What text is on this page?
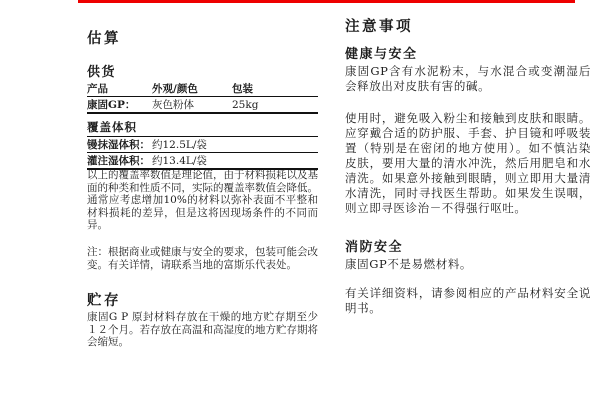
估算
供货
产品	外观/颜色	包装
康固GP：	灰色粉体	25kg
覆盖体积
镘抹湿体积： 约12.5L/袋
灌注湿体积： 约13.4L/袋
以上的覆盖率数值是理论值，由于材料损耗以及基面的种类和性质不同，实际的覆盖率数值会降低。通常应考虑增加10%的材料以弥补表面不平整和材料损耗的差异，但是这将因现场条件的不同而异。
注：根据商业或健康与安全的要求，包装可能会改变。有关详情，请联系当地的富斯乐代表处。
贮存
康固G P 原封材料存放在干燥的地方贮存期至少１２个月。若存放在高温和高湿度的地方贮存期将会缩短。
注意事项
健康与安全
康固GP含有水泥粉末，与水混合或变潮湿后会释放出对皮肤有害的碱。
使用时，避免吸入粉尘和接触到皮肤和眼睛。应穿戴合适的防护服、手套、护目镜和呼吸装置（特别是在密闭的地方使用）。如不慎沾染皮肤，要用大量的清水冲洗，然后用肥皂和水清洗。如果意外接触到眼睛，则立即用大量清水清洗，同时寻找医生帮助。如果发生误咽，则立即寻医诊治－不得强行呕吐。
消防安全
康固GP不是易燃材料。
有关详细资料，请参阅相应的产品材料安全说明书。
